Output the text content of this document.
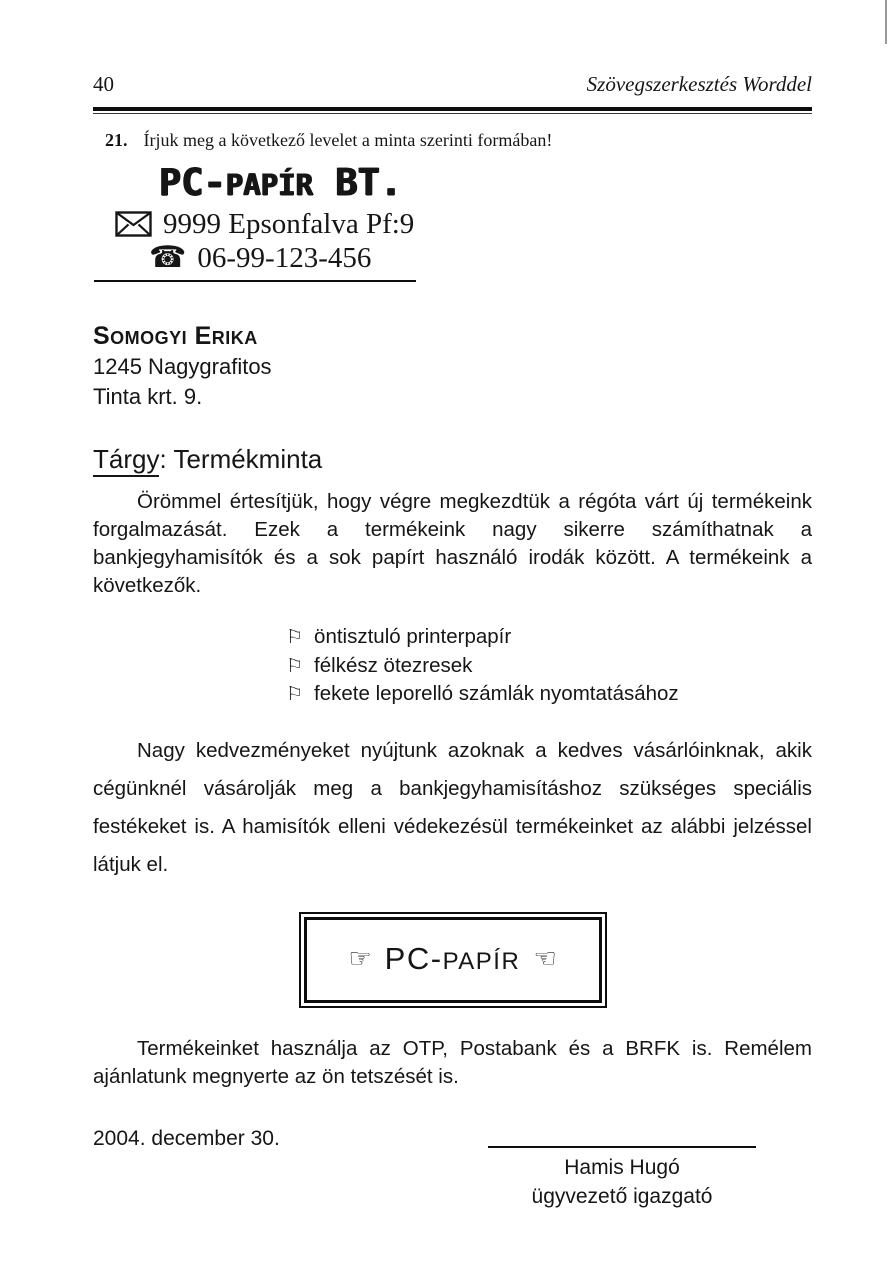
40	Szövegszerkesztés Worddel
21. Írjuk meg a következő levelet a minta szerinti formában!
PC-PAPÍR BT.
9999 Epsonfalva Pf:9
☎ 06-99-123-456
Somogyi Erika
1245 Nagygrafitos
Tinta krt. 9.
Tárgy: Termékminta

Örömmel értesítjük, hogy végre megkezdtük a régóta várt új termékeink forgalmazását. Ezek a termékeink nagy sikerre számíthatnak a bankjegyhamisítók és a sok papírt használó irodák között. A termékeink a következők.

⚐ öntisztuló printerpapír
⚐ félkész ötezresek
⚐ fekete leporelló számlák nyomtatásához

Nagy kedvezményeket nyújtunk azoknak a kedves vásárlóinknak, akik cégünknél vásárolják meg a bankjegyhamisításhoz szükséges speciális festékeket is. A hamisítók elleni védekezésül termékeinket az alábbi jelzéssel látjuk el.

☞ PC-PAPÍR ☜

Termékeinket használja az OTP, Postabank és a BRFK is. Remélem ajánlatunk megnyerte az ön tetszését is.

2004. december 30.
Hamis Hugó
ügyvezető igazgató
